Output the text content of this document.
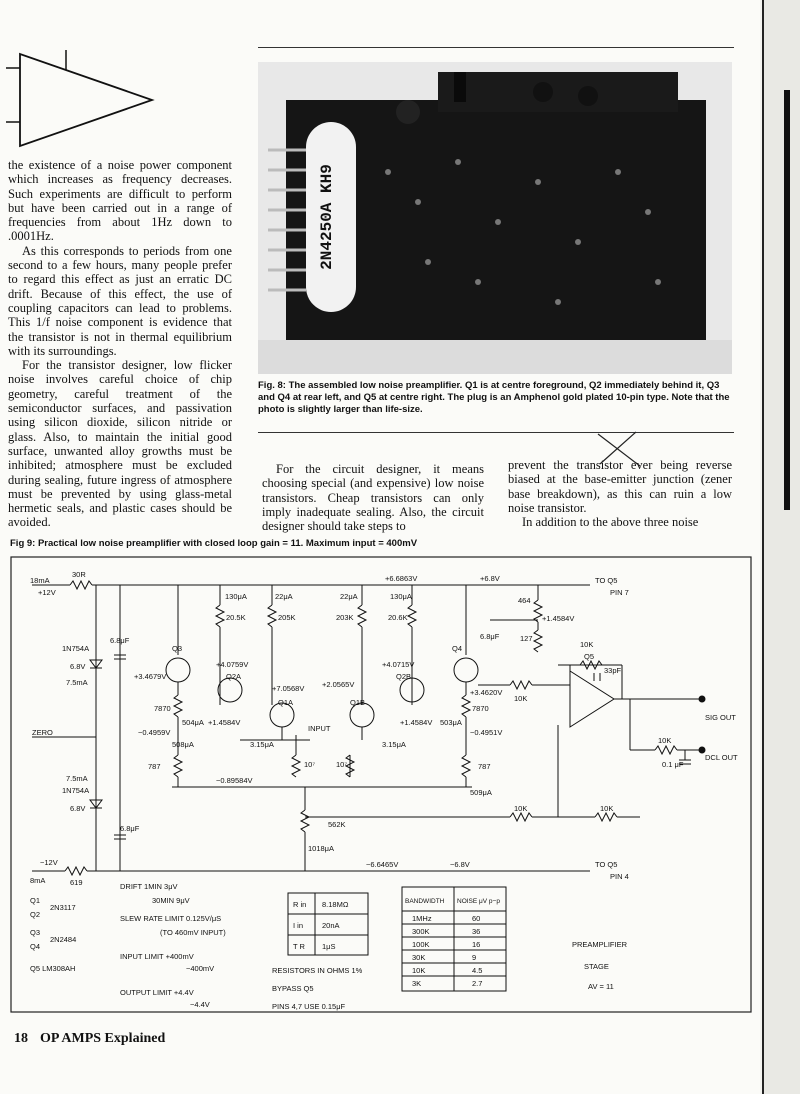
the existence of a noise power component which increases as frequency decreases. Such experiments are difficult to perform but have been carried out in a range of frequencies from about 1Hz down to .0001Hz.

As this corresponds to periods from one second to a few hours, many people prefer to regard this effect as just an erratic DC drift. Because of this effect, the use of coupling capacitors can lead to problems. This 1/f noise component is evidence that the transistor is not in thermal equilibrium with its surroundings.

For the transistor designer, low flicker noise involves careful choice of chip geometry, careful treatment of the semiconductor surfaces, and passivation using silicon dioxide, silicon nitride or glass. Also, to maintain the initial good surface, unwanted alloy growths must be inhibited; atmosphere must be excluded during sealing, future ingress of atmosphere must be prevented by using glass-metal hermetic seals, and plastic cases should be avoided.

2N4250A KH9
Fig. 8: The assembled low noise preamplifier. Q1 is at centre foreground, Q2 immediately behind it, Q3 and Q4 at rear left, and Q5 at centre right. The plug is an Amphenol gold plated 10-pin type. Note that the photo is slightly larger than life-size.

For the circuit designer, it means choosing special (and expensive) low noise transistors. Cheap transistors can only imply inadequate sealing. Also, the circuit designer should take steps to

prevent the transistor ever being reverse biased at the base-emitter junction (zener base breakdown), as this can ruin a low noise transistor.

In addition to the above three noise

Fig 9: Practical low noise preamplifier with closed loop gain = 11. Maximum input = 400mV
18mA
+12V
30R	+6.6863V	+6.8V	TO Q5
PIN 7
130μA	22μA
20.5K	205K	203K
22μA	130μA
20.6K
464
+1.4584V
6.8μF	127
Q3	Q4
+4.0759V
Q2A
+7.0568V +2.0565V
+4.0715V
Q2B
+3.4679V
+3.4620V
Q1A	Q1B
1N754A
6.8V
7.5mA
6.8μF
7870	7870
504μA	503μA
−0.4959V	−0.4951V
+1.4584V	+1.4584V
508μA	3.15μA	3.15μA
INPUT
ZERO
787	787
10⁷	10⁷
509μA
Q5
10K
10K
33pF
SIG OUT
10K
0.1 μF
DCL OUT
7.5mA
1N754A
6.8V
−0.89584V
10K	10K
6.8μF	562K
1018μA
−12V
8mA	619
−6.6465V	−6.8V	TO Q5
PIN 4
Q1
Q2
2N3117
Q3
Q4
2N2484
Q5 LM308AH
DRIFT 1MIN 3μV
30MIN 9μV
SLEW RATE LIMIT 0.125V/μS
(TO 460mV INPUT)
INPUT LIMIT +400mV
−400mV
OUTPUT LIMIT +4.4V
−4.4V
R in 8.18MΩ
I in	20nA
T R 1μS
RESISTORS IN OHMS 1%
BYPASS Q5
PINS 4,7 USE 0.15μF
BANDWIDTH NOISE μV p−p
1MHz	60
300K	36
100K	16
30K	9
10K	4.5
3K	2.7
PREAMPLIFIER
STAGE
AV = 11
18 OP AMPS Explained
